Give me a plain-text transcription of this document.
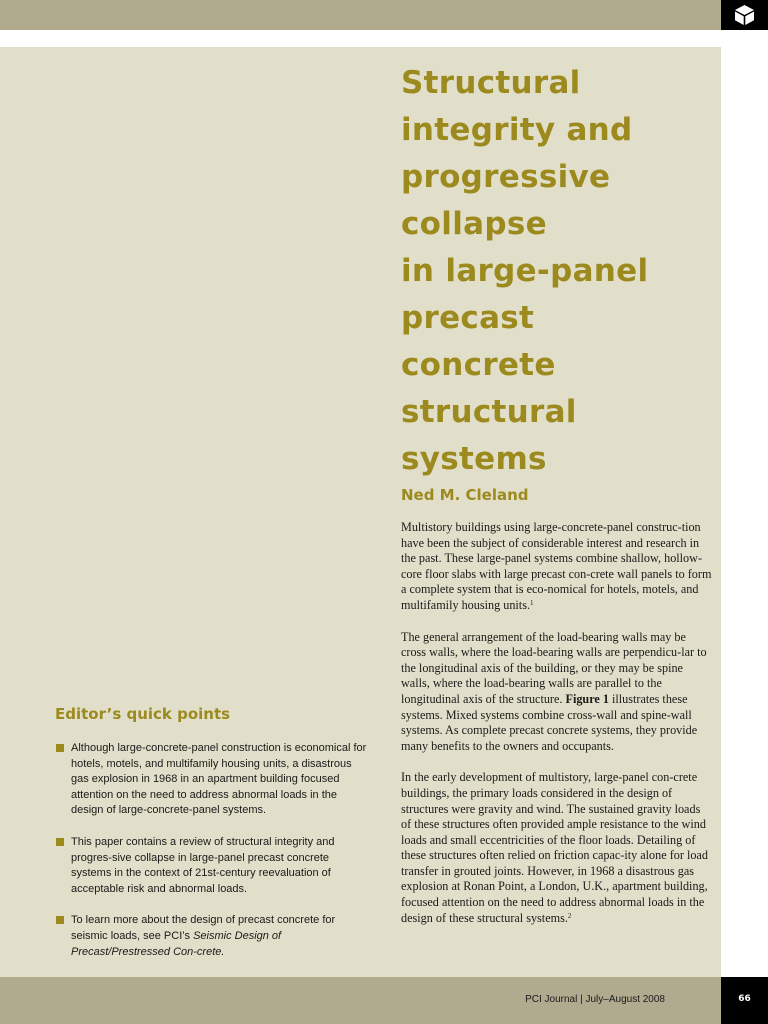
Structural
integrity and
progressive
collapse
in large-panel
precast
concrete
structural
systems
Ned M. Cleland

Multistory buildings using large-concrete-panel construc-tion have been the subject of considerable interest and research in the past. These large-panel systems combine shallow, hollow-core floor slabs with large precast con-crete wall panels to form a complete system that is eco-nomical for hotels, motels, and multifamily housing units.$^1$

The general arrangement of the load-bearing walls may be cross walls, where the load-bearing walls are perpendicu-lar to the longitudinal axis of the building, or they may be spine walls, where the load-bearing walls are parallel to the longitudinal axis of the structure. Figure 1 illustrates these systems. Mixed systems combine cross-wall and spine-wall systems. As complete precast concrete systems, they provide many benefits to the owners and occupants.

In the early development of multistory, large-panel con-crete buildings, the primary loads considered in the design of structures were gravity and wind. The sustained gravity loads of these structures often provided ample resistance to the wind loads and small eccentricities of the floor loads. Detailing of these structures often relied on friction capac-ity alone for load transfer in grouted joints. However, in 1968 a disastrous gas explosion at Ronan Point, a London, U.K., apartment building, focused attention on the need to address abnormal loads in the design of these structural systems.$^2$

Editor’s quick points
Although large-concrete-panel construction is economical for hotels, motels, and multifamily housing units, a disastrous gas explosion in 1968 in an apartment building focused attention on the need to address abnormal loads in the design of large-concrete-panel systems.
This paper contains a review of structural integrity and progres-sive collapse in large-panel precast concrete systems in the context of 21st-century reevaluation of acceptable risk and abnormal loads.
To learn more about the design of precast concrete for seismic loads, see PCI’s Seismic Design of Precast/Prestressed Con-crete.
PCI Journal | July–August 2008	66
